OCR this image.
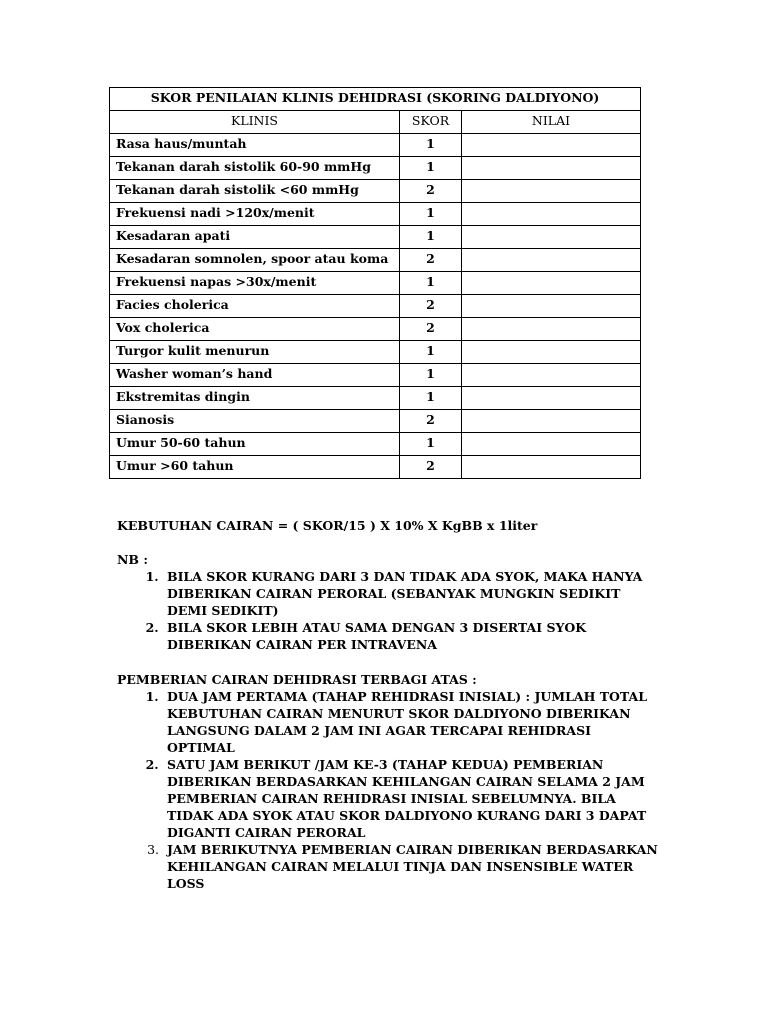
SKOR PENILAIAN KLINIS DEHIDRASI (SKORING DALDIYONO)		
KLINIS	SKOR	NILAI
Rasa haus/muntah	1	
Tekanan darah sistolik 60-90 mmHg	1	
Tekanan darah sistolik <60 mmHg	2	
Frekuensi nadi >120x/menit	1	
Kesadaran apati	1	
Kesadaran somnolen, spoor atau koma	2	
Frekuensi napas >30x/menit	1	
Facies cholerica	2	
Vox cholerica	2	
Turgor kulit menurun	1	
Washer woman’s hand	1	
Ekstremitas dingin	1	
Sianosis	2	
Umur 50-60 tahun	1	
Umur >60 tahun	2	
KEBUTUHAN CAIRAN = ( SKOR/15 ) X 10% X KgBB x 1liter
NB :
1. BILA SKOR KURANG DARI 3 DAN TIDAK ADA SYOK, MAKA HANYA DIBERIKAN CAIRAN PERORAL (SEBANYAK MUNGKIN SEDIKIT DEMI SEDIKIT)
2. BILA SKOR LEBIH ATAU SAMA DENGAN 3 DISERTAI SYOK DIBERIKAN CAIRAN PER INTRAVENA
PEMBERIAN CAIRAN DEHIDRASI TERBAGI ATAS :
1. DUA JAM PERTAMA (TAHAP REHIDRASI INISIAL) : JUMLAH TOTAL KEBUTUHAN CAIRAN MENURUT SKOR DALDIYONO DIBERIKAN LANGSUNG DALAM 2 JAM INI AGAR TERCAPAI REHIDRASI OPTIMAL
2. SATU JAM BERIKUT /JAM KE-3 (TAHAP KEDUA) PEMBERIAN DIBERIKAN BERDASARKAN KEHILANGAN CAIRAN SELAMA 2 JAM PEMBERIAN CAIRAN REHIDRASI INISIAL SEBELUMNYA. BILA TIDAK ADA SYOK ATAU SKOR DALDIYONO KURANG DARI 3 DAPAT DIGANTI CAIRAN PERORAL
3. JAM BERIKUTNYA PEMBERIAN CAIRAN DIBERIKAN BERDASARKAN KEHILANGAN CAIRAN MELALUI TINJA DAN INSENSIBLE WATER LOSS
